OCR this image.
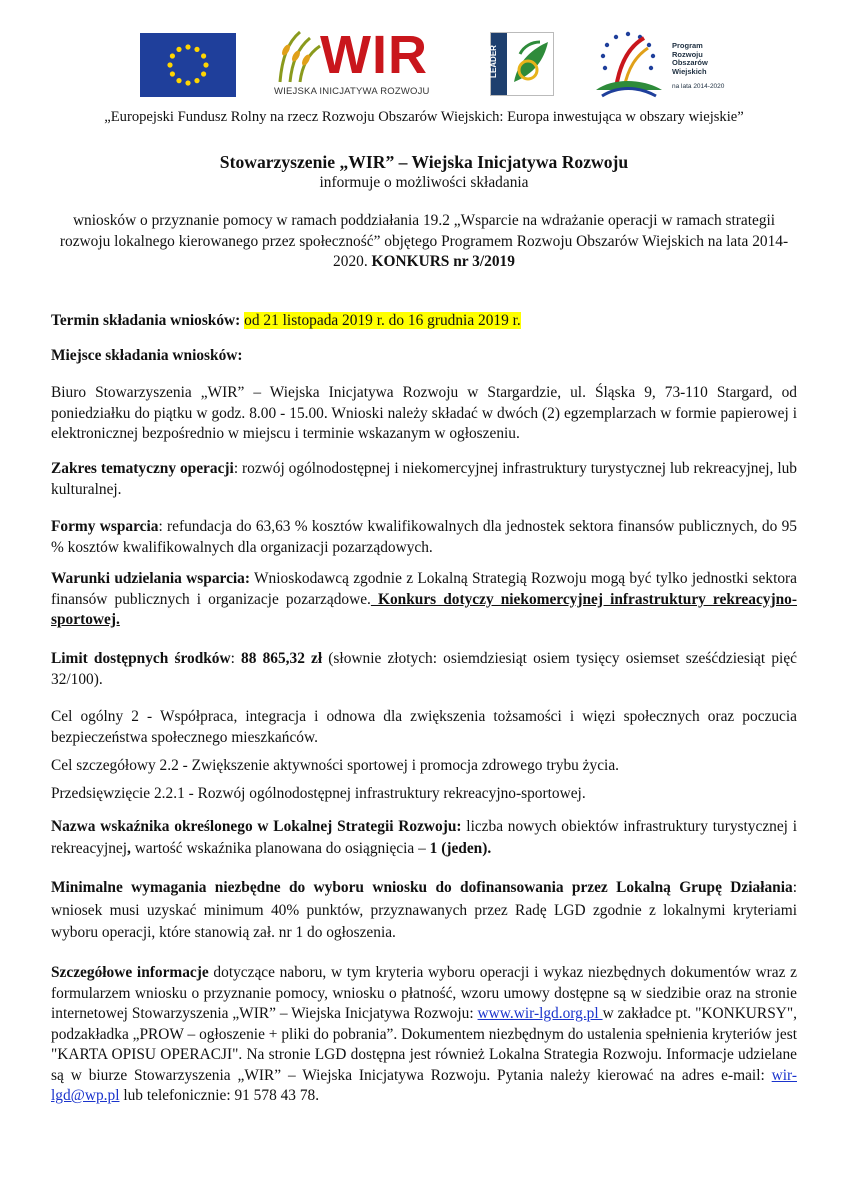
WIR
WIEJSKA INICJATYWA ROZWOJU
LEADER	Program
Rozwoju
Obszarów
Wiejskich
na lata 2014-2020

„Europejski Fundusz Rolny na rzecz Rozwoju Obszarów Wiejskich: Europa inwestująca w obszary wiejskie”

Stowarzyszenie „WIR” – Wiejska Inicjatywa Rozwoju

informuje o możliwości składania

wniosków o przyznanie pomocy w ramach poddziałania 19.2 „Wsparcie na wdrażanie operacji w ramach strategii rozwoju lokalnego kierowanego przez społeczność” objętego Programem Rozwoju Obszarów Wiejskich na lata 2014-2020. KONKURS nr 3/2019

Termin składania wniosków: od 21 listopada 2019 r. do 16 grudnia 2019 r.

Miejsce składania wniosków:

Biuro Stowarzyszenia „WIR” – Wiejska Inicjatywa Rozwoju w Stargardzie, ul. Śląska 9, 73-110 Stargard, od poniedziałku do piątku w godz. 8.00 - 15.00. Wnioski należy składać w dwóch (2) egzemplarzach w formie papierowej i elektronicznej bezpośrednio w miejscu i terminie wskazanym w ogłoszeniu.

Zakres tematyczny operacji: rozwój ogólnodostępnej i niekomercyjnej infrastruktury turystycznej lub rekreacyjnej, lub kulturalnej.

Formy wsparcia: refundacja do 63,63 % kosztów kwalifikowalnych dla jednostek sektora finansów publicznych, do 95 % kosztów kwalifikowalnych dla organizacji pozarządowych.

Warunki udzielania wsparcia: Wnioskodawcą zgodnie z Lokalną Strategią Rozwoju mogą być tylko jednostki sektora finansów publicznych i organizacje pozarządowe. Konkurs dotyczy niekomercyjnej infrastruktury rekreacyjno- sportowej.

Limit dostępnych środków: 88 865,32 zł (słownie złotych: osiemdziesiąt osiem tysięcy osiemset sześćdziesiąt pięć 32/100).

Cel ogólny 2 - Współpraca, integracja i odnowa dla zwiększenia tożsamości i więzi społecznych oraz poczucia bezpieczeństwa społecznego mieszkańców.

Cel szczegółowy 2.2 - Zwiększenie aktywności sportowej i promocja zdrowego trybu życia.

Przedsięwzięcie 2.2.1 - Rozwój ogólnodostępnej infrastruktury rekreacyjno-sportowej.

Nazwa wskaźnika określonego w Lokalnej Strategii Rozwoju: liczba nowych obiektów infrastruktury turystycznej i rekreacyjnej, wartość wskaźnika planowana do osiągnięcia – 1 (jeden).

Minimalne wymagania niezbędne do wyboru wniosku do dofinansowania przez Lokalną Grupę Działania: wniosek musi uzyskać minimum 40% punktów, przyznawanych przez Radę LGD zgodnie z lokalnymi kryteriami wyboru operacji, które stanowią zał. nr 1 do ogłoszenia.

Szczegółowe informacje dotyczące naboru, w tym kryteria wyboru operacji i wykaz niezbędnych dokumentów wraz z formularzem wniosku o przyznanie pomocy, wniosku o płatność, wzoru umowy dostępne są w siedzibie oraz na stronie internetowej Stowarzyszenia „WIR” – Wiejska Inicjatywa Rozwoju: www.wir-lgd.org.pl w zakładce pt. "KONKURSY", podzakładka „PROW – ogłoszenie + pliki do pobrania”. Dokumentem niezbędnym do ustalenia spełnienia kryteriów jest "KARTA OPISU OPERACJI". Na stronie LGD dostępna jest również Lokalna Strategia Rozwoju. Informacje udzielane są w biurze Stowarzyszenia „WIR” – Wiejska Inicjatywa Rozwoju. Pytania należy kierować na adres e-mail: wir-lgd@wp.pl lub telefonicznie: 91 578 43 78.
